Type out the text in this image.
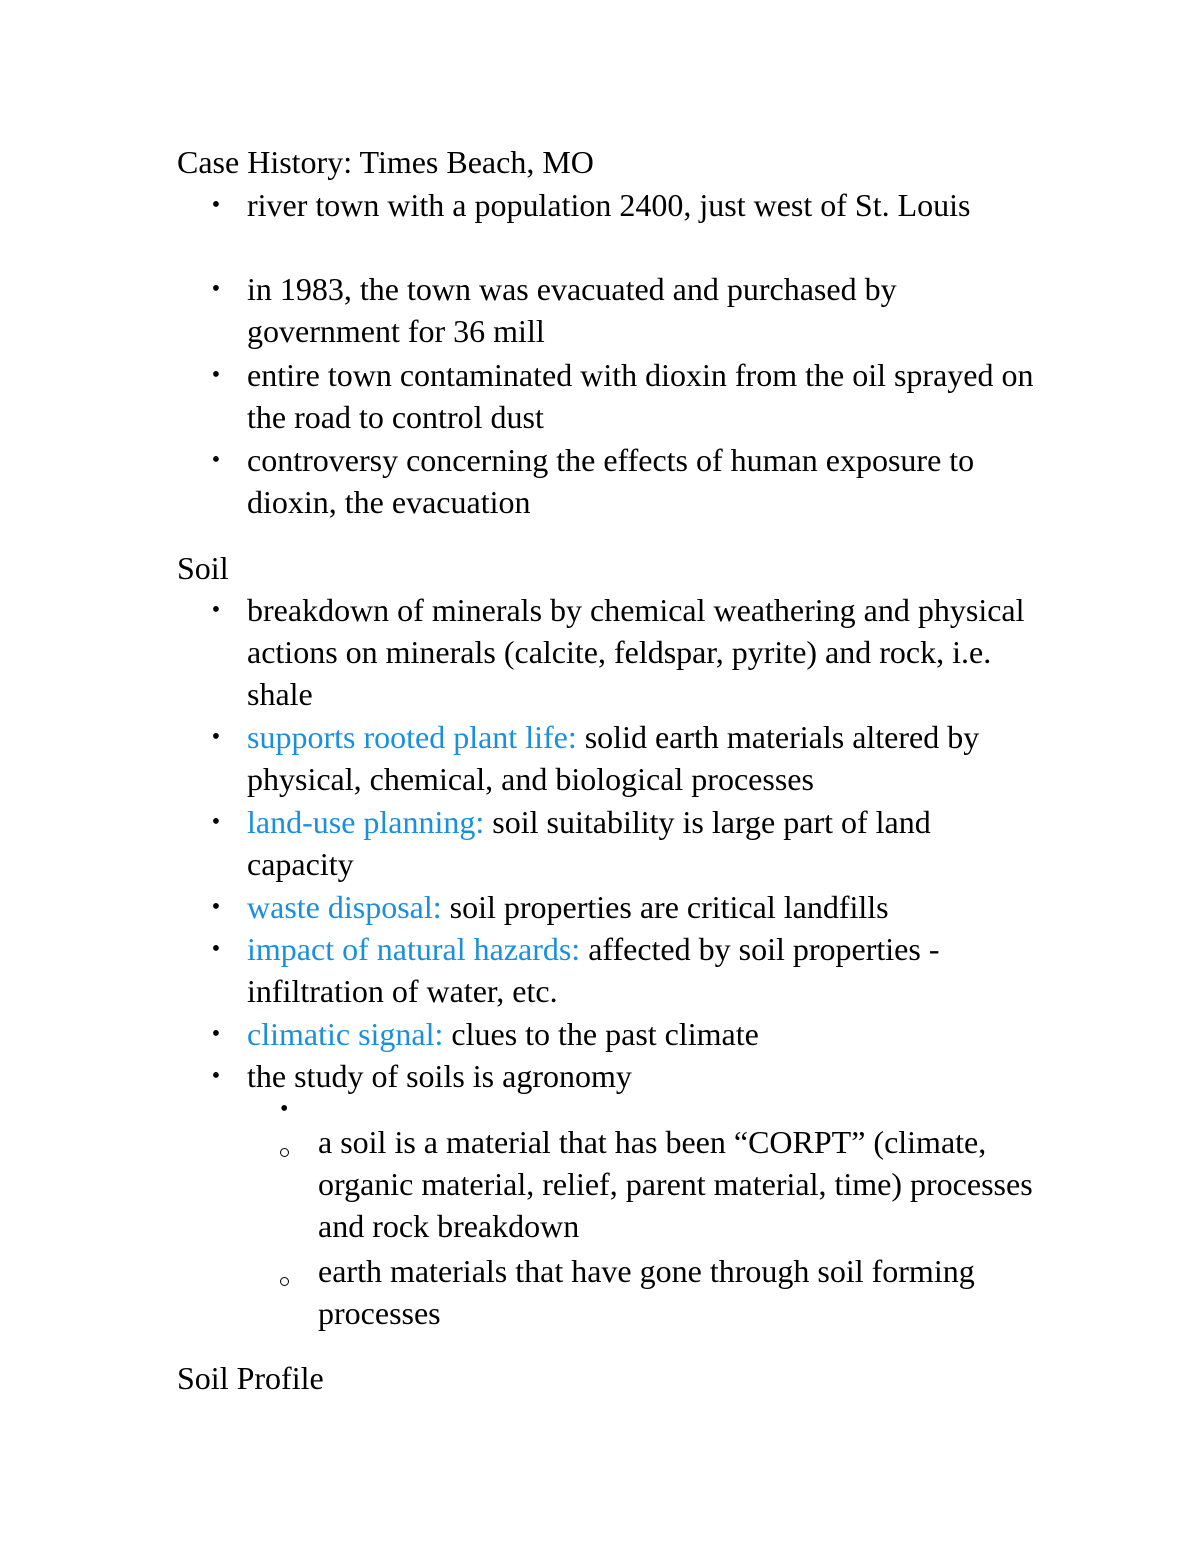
Case History: Times Beach, MO
• river town with a population 2400, just west of St. Louis
• in 1983, the town was evacuated and purchased by government for 36 mill
• entire town contaminated with dioxin from the oil sprayed on the road to control dust
• controversy concerning the effects of human exposure to dioxin, the evacuation
Soil
• breakdown of minerals by chemical weathering and physical actions on minerals (calcite, feldspar, pyrite) and rock, i.e. shale
• supports rooted plant life: solid earth materials altered by physical, chemical, and biological processes
• land-use planning: soil suitability is large part of land capacity
• waste disposal: soil properties are critical landfills
• impact of natural hazards: affected by soil properties - infiltration of water, etc.
• climatic signal: clues to the past climate
• the study of soils is agronomy
•
a soil is a material that has been “CORPT” (climate, organic material, relief, parent material, time) processes and rock breakdown
earth materials that have gone through soil forming processes
Soil Profile
